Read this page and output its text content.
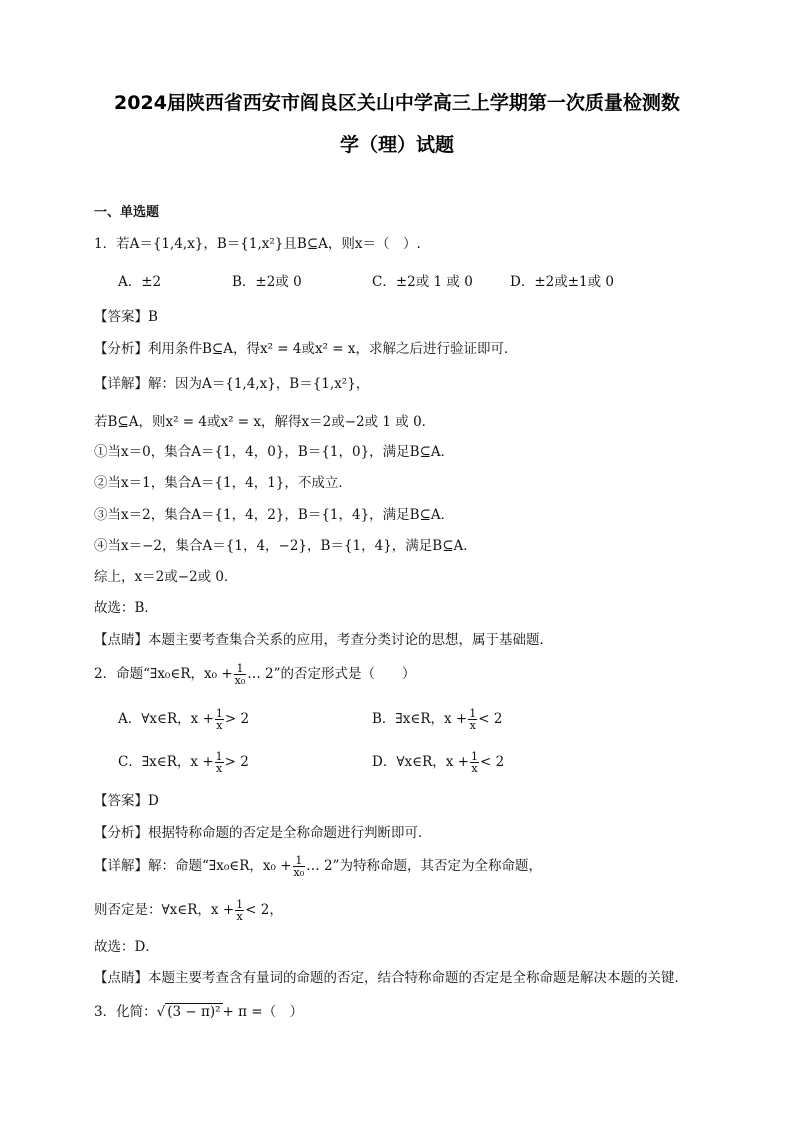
2024届陕西省西安市阎良区关山中学高三上学期第一次质量检测数
学（理）试题
一、单选题
1．若A＝{1,4,x}，B＝{1,x²}且B⊆A，则x＝（　）.
A．±2	B．±2或 0	C．±2或 1 或 0	D．±2或±1或 0
【答案】B
【分析】利用条件B⊆A，得x² = 4或x² = x，求解之后进行验证即可．
【详解】解：因为A＝{1,4,x}，B＝{1,x²}，
若B⊆A，则x² = 4或x² = x，解得x＝2或−2或 1 或 0．
①当x＝0，集合A＝{1，4，0}，B＝{1，0}，满足B⊆A．
②当x＝1，集合A＝{1，4，1}，不成立．
③当x＝2，集合A＝{1，4，2}，B＝{1，4}，满足B⊆A．
④当x＝−2，集合A＝{1，4，−2}，B＝{1，4}，满足B⊆A．
综上，x＝2或−2或 0．
故选：B．
【点睛】本题主要考查集合关系的应用，考查分类讨论的思想，属于基础题．
2．命题“∃x₀∈R，$x_0 + \frac{1}{\text{x₀}}$ … 2”的否定形式是（　　）
A．∀x∈R，$x + \frac{1}{x} > 2$	B．∃x∈R，$x + \frac{1}{x} < 2$
C．∃x∈R，$x + \frac{1}{x} > 2$	D．∀x∈R，$x + \frac{1}{x} < 2$
【答案】D
【分析】根据特称命题的否定是全称命题进行判断即可．
【详解】解：命题“∃x₀∈R，$x_0 + \frac{1}{\text{x₀}}$ … 2”为特称命题，其否定为全称命题，
则否定是：∀x∈R，$x + \frac{1}{x} < 2$，
故选：D．
【点睛】本题主要考查含有量词的命题的否定，结合特称命题的否定是全称命题是解决本题的关键．
3．化简：√ (3 − π)² + π =（　）
